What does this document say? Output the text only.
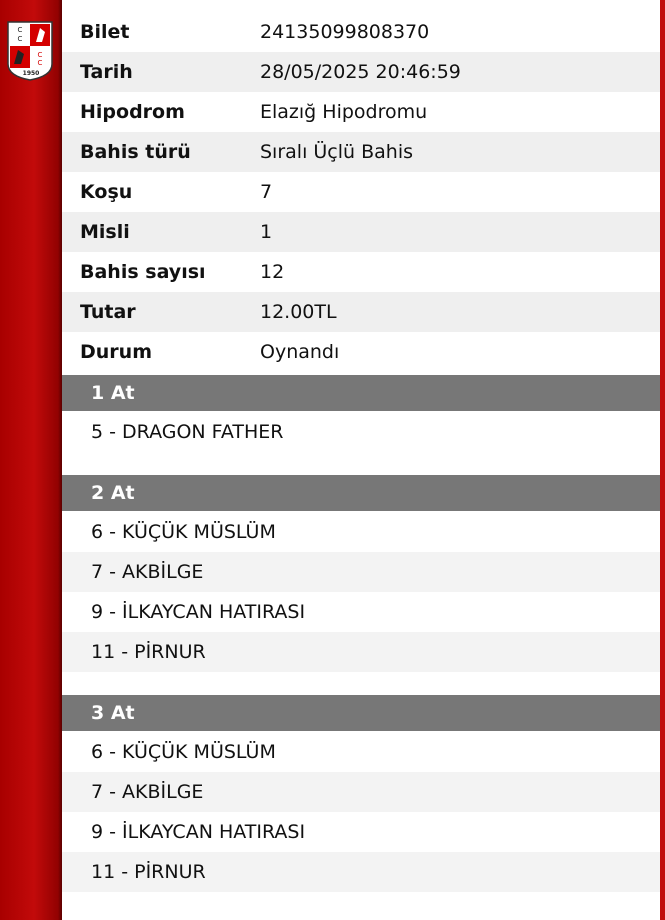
C
C
C
C
1950
Bilet	24135099808370
Tarih	28/05/2025 20:46:59
Hipodrom	Elazığ Hipodromu
Bahis türü	Sıralı Üçlü Bahis
Koşu	7
Misli	1
Bahis sayısı	12
Tutar	12.00TL
Durum	Oynandı
1 At
5 - DRAGON FATHER
2 At
6 - KÜÇÜK MÜSLÜM
7 - AKBİLGE
9 - İLKAYCAN HATIRASI
11 - PİRNUR
3 At
6 - KÜÇÜK MÜSLÜM
7 - AKBİLGE
9 - İLKAYCAN HATIRASI
11 - PİRNUR
